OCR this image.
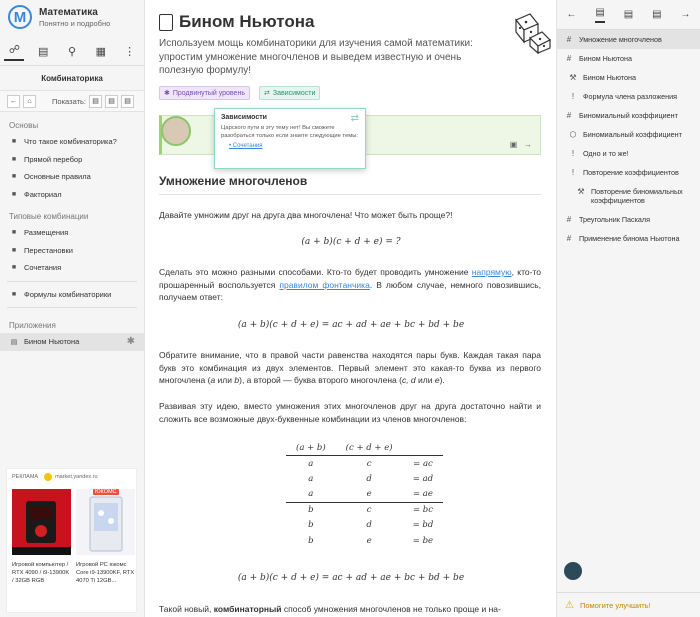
M	Математика
Понятно и подробно
☍	▤	⚲	▦	⋮
Комбинаторика
←	⌂	Показать: ▤	▤	▤
Основы
■	Что такое комбинаторика?
■	Прямой перебор
■	Основные правила
■	Факториал
Типовые комбинации
■	Размещения
■	Перестановки
■	Сочетания
■	Формулы комбинаторики
Приложения
▤ Бином Ньютона	✱
РЕКЛАМА	market.yandex.ru
Игровой компьютер / RTX 4090 / i9-13900K / 32GB RGB
ЮКОМС
Игровой PC юкомс Core i9-13900KF, RTX 4070 Ti 12GB...
Бином Ньютона
Используем мощь комбинаторики для изучения самой математики: упростим умножение многочленов и выведем известную и очень полезную формулу!
✱ Продвинутый уровень	⇄ Зависимости
▣ →
Зависимости	⇄
Царского пути в эту тему нет! Вы сможете разобраться только если знаете следующие темы:
• Сочетания
Умножение многочленов
Давайте умножим друг на друга два многочлена! Что может быть проще?!
(a + b)(c + d + e) = ?
Сделать это можно разными способами. Кто-то будет проводить умножение напрямую, кто-то прошаренный воспользуется правилом фонтанчика. В любом случае, немного повозившись, получаем ответ:
(a + b)(c + d + e) = ac + ad + ae + bc + bd + be
Обратите внимание, что в правой части равенства находятся пары букв. Каждая такая пара букв это комбинация из двух элементов. Первый элемент это какая-то буква из первого многочлена (a или b), а второй — буква второго многочлена (c, d или e).
Развивая эту идею, вместо умножения этих многочленов друг на друга достаточно найти и сложить все возможные двух-буквенные комбинации из членов многочленов:
(a + b)	(c + d + e)	
a	c	= ac
a	d	= ad
a	e	= ae
b	c	= bc
b	d	= bd
b	e	= be
(a + b)(c + d + e) = ac + ad + ae + bc + bd + be
Такой новый, комбинаторный способ умножения многочленов не только проще и на-
← ▤ ▤ ▤ →
#	Умножение многочленов
#	Бином Ньютона
⚒ Бином Ньютона
!	Формула члена разложения
#	Биномиальный коэффициент
⬡ Биномиальный коэффициент
!	Одно и то же!
!	Повторение коэффициентов
⚒ Повторение биномиальных коэффициентов
#	Треугольник Паскаля
#	Применение бинома Ньютона
⚠ Помогите улучшить!
